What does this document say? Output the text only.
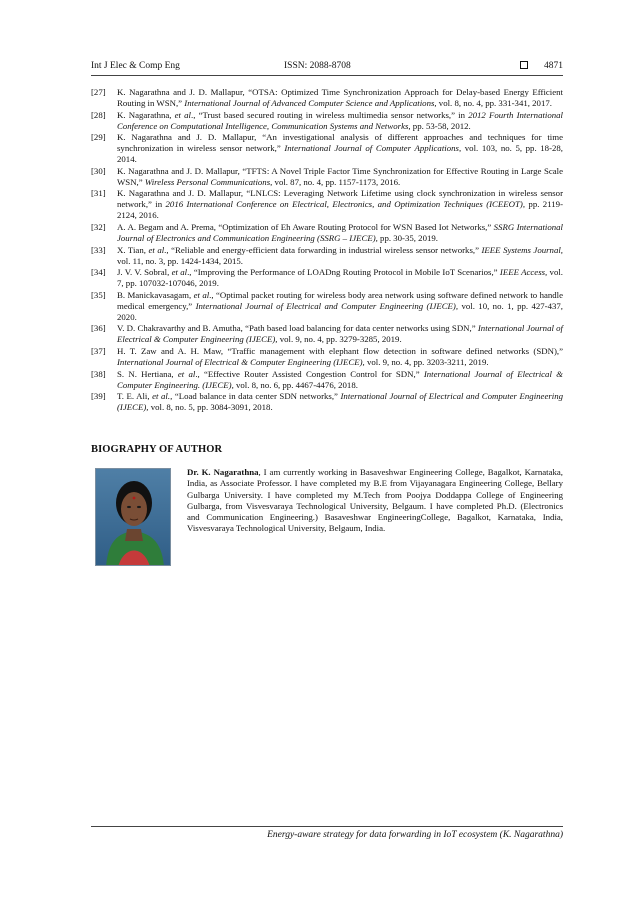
Int J Elec & Comp Eng	ISSN: 2088-8708	4871
[27] K. Nagarathna and J. D. Mallapur, “OTSA: Optimized Time Synchronization Approach for Delay-based Energy Efficient Routing in WSN,” International Journal of Advanced Computer Science and Applications, vol. 8, no. 4, pp. 331-341, 2017.
[28] K. Nagarathna, et al., “Trust based secured routing in wireless multimedia sensor networks,” in 2012 Fourth International Conference on Computational Intelligence, Communication Systems and Networks, pp. 53-58, 2012.
[29] K. Nagarathna and J. D. Mallapur, “An investigational analysis of different approaches and techniques for time synchronization in wireless sensor network,” International Journal of Computer Applications, vol. 103, no. 5, pp. 18-28, 2014.
[30] K. Nagarathna and J. D. Mallapur, “TFTS: A Novel Triple Factor Time Synchronization for Effective Routing in Large Scale WSN,” Wireless Personal Communications, vol. 87, no. 4, pp. 1157-1173, 2016.
[31] K. Nagarathna and J. D. Mallapur, “LNLCS: Leveraging Network Lifetime using clock synchronization in wireless sensor network,” in 2016 International Conference on Electrical, Electronics, and Optimization Techniques (ICEEOT), pp. 2119-2124, 2016.
[32] A. A. Begam and A. Prema, “Optimization of Eh Aware Routing Protocol for WSN Based Iot Networks,” SSRG International Journal of Electronics and Communication Engineering (SSRG – IJECE), pp. 30-35, 2019.
[33] X. Tian, et al., “Reliable and energy-efficient data forwarding in industrial wireless sensor networks,” IEEE Systems Journal, vol. 11, no. 3, pp. 1424-1434, 2015.
[34] J. V. V. Sobral, et al., “Improving the Performance of LOADng Routing Protocol in Mobile IoT Scenarios,” IEEE Access, vol. 7, pp. 107032-107046, 2019.
[35] B. Manickavasagam, et al., “Optimal packet routing for wireless body area network using software defined network to handle medical emergency,” International Journal of Electrical and Computer Engineering (IJECE), vol. 10, no. 1, pp. 427-437, 2020.
[36] V. D. Chakravarthy and B. Amutha, “Path based load balancing for data center networks using SDN,” International Journal of Electrical & Computer Engineering (IJECE), vol. 9, no. 4, pp. 3279-3285, 2019.
[37] H. T. Zaw and A. H. Maw, “Traffic management with elephant flow detection in software defined networks (SDN),” International Journal of Electrical & Computer Engineering (IJECE), vol. 9, no. 4, pp. 3203-3211, 2019.
[38] S. N. Hertiana, et al., “Effective Router Assisted Congestion Control for SDN,” International Journal of Electrical & Computer Engineering. (IJECE), vol. 8, no. 6, pp. 4467-4476, 2018.
[39] T. E. Ali, et al., “Load balance in data center SDN networks,” International Journal of Electrical and Computer Engineering (IJECE), vol. 8, no. 5, pp. 3084-3091, 2018.
BIOGRAPHY OF AUTHOR

Dr. K. Nagarathna, I am currently working in Basaveshwar Engineering College, Bagalkot, Karnataka, India, as Associate Professor. I have completed my B.E from Vijayanagara Engineering College, Bellary Gulbarga University. I have completed my M.Tech from Poojya Doddappa College of Engineering Gulbarga, from Visvesvaraya Technological University, Belgaum. I have completed Ph.D. (Electronics and Communication Engineering.) Basaveshwar EngineeringCollege, Bagalkot, Karnataka, India, Visvesvaraya Technological University, Belgaum, India.

Energy-aware strategy for data forwarding in IoT ecosystem (K. Nagarathna)
